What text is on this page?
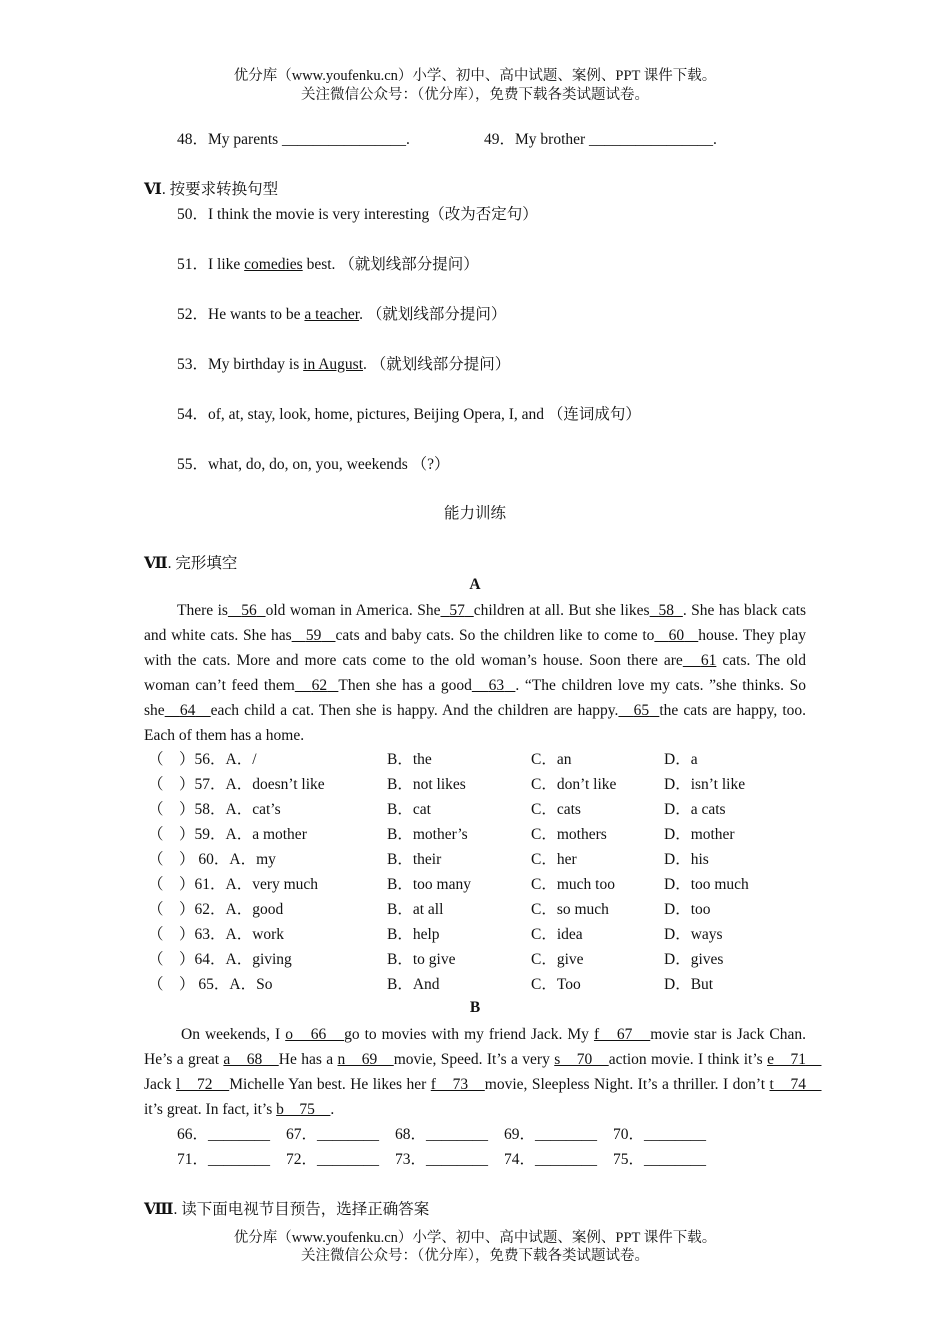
优分库（www.youfenku.cn）小学、初中、高中试题、案例、PPT 课件下载。
关注微信公众号：（优分库），免费下载各类试题试卷。
48．My parents ________________.	49．My brother ________________.
Ⅵ. 按要求转换句型
50．I think the movie is very interesting（改为否定句）
51．I like comedies best. （就划线部分提问）
52．He wants to be a teacher. （就划线部分提问）
53．My birthday is in August. （就划线部分提问）
54．of, at, stay, look, home, pictures, Beijing Opera, I, and （连词成句）
55．what, do, do, on, you, weekends （?）
能力训练
Ⅶ. 完形填空
A
There is 56 old woman in America. She 57 children at all. But she likes 58 . She has black cats and white cats. She has 59 cats and baby cats. So the children like to come to 60 house. They play with the cats. More and more cats come to the old woman’s house. Soon there are 61 cats. The old woman can’t feed them 62 Then she has a good 63 . “The children love my cats. ”she thinks. So she 64 each child a cat. Then she is happy. And the children are happy. 65 the cats are happy, too. Each of them has a home.
（　）56．A．/	B．the	C．an	D．a
（　）57．A．doesn’t like	B．not likes	C．don’t like	D．isn’t like
（　）58．A．cat’s	B．cat	C．cats	D．a cats
（　）59．A．a mother	B．mother’s	C．mothers	D．mother
（　） 60．A．my	B．their	C．her	D．his
（　）61．A．very much	B．too many	C．much too	D．too much
（　）62．A．good	B．at all	C．so much	D．too
（　）63．A．work	B．help	C．idea	D．ways
（　）64．A．giving	B．to give	C．give	D．gives
（　） 65．A．So	B．And	C．Too	D．But
B
On weekends, I o　66　go to movies with my friend Jack. My f　67　movie star is Jack Chan. He’s a great a　68　He has a n　69　movie, Speed. It’s a very s　70　action movie. I think it’s e　71　Jack l　72　Michelle Yan best. He likes her f　73　movie, Sleepless Night. It’s a thriller. I don’t t　74　it’s great. In fact, it’s b　75　.
66．________ 67．________ 68．________ 69．________ 70．________
71．________ 72．________ 73．________ 74．________ 75．________
Ⅷ. 读下面电视节目预告，选择正确答案
优分库（www.youfenku.cn）小学、初中、高中试题、案例、PPT 课件下载。
关注微信公众号：（优分库），免费下载各类试题试卷。
